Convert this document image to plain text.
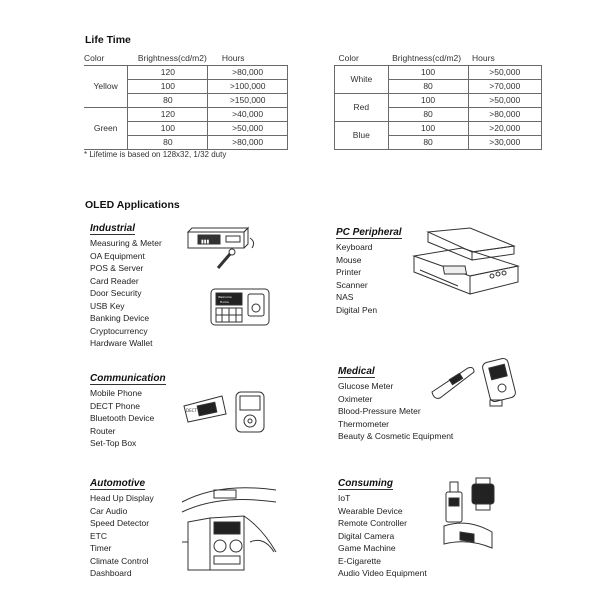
Life Time
Color	Brightness(cd/m2)	Hours
Yellow	120	>80,000
	100	>100,000
	80	>150,000
Green	120	>40,000
	100	>50,000
	80	>80,000
Color	Brightness(cd/m2)	Hours
White	100	>50,000
	80	>70,000
Red	100	>50,000
	80	>80,000
Blue	100	>20,000
	80	>30,000
* Lifetime is based on 128x32, 1/32 duty
OLED Applications
Industrial
Measuring & Meter
OA Equipment
POS & Server
Card Reader
Door Security
USB Key
Banking Device
Cryptocurrency
Hardware Wallet
PC Peripheral
Keyboard
Mouse
Printer
Scanner
NAS
Digital Pen
Communication
Mobile Phone
DECT Phone
Bluetooth Device
Router
Set-Top Box
Medical
Glucose Meter
Oximeter
Blood-Pressure Meter
Thermometer
Beauty & Cosmetic Equipment
Automotive
Head Up Display
Car Audio
Speed Detector
ETC
Timer
Climate Control
Dashboard
Consuming
IoT
Wearable Device
Remote Controller
Digital Camera
Game Machine
E-Cigarette
Audio Video Equipment
▮▮▮
Welcome
Home
DECT
